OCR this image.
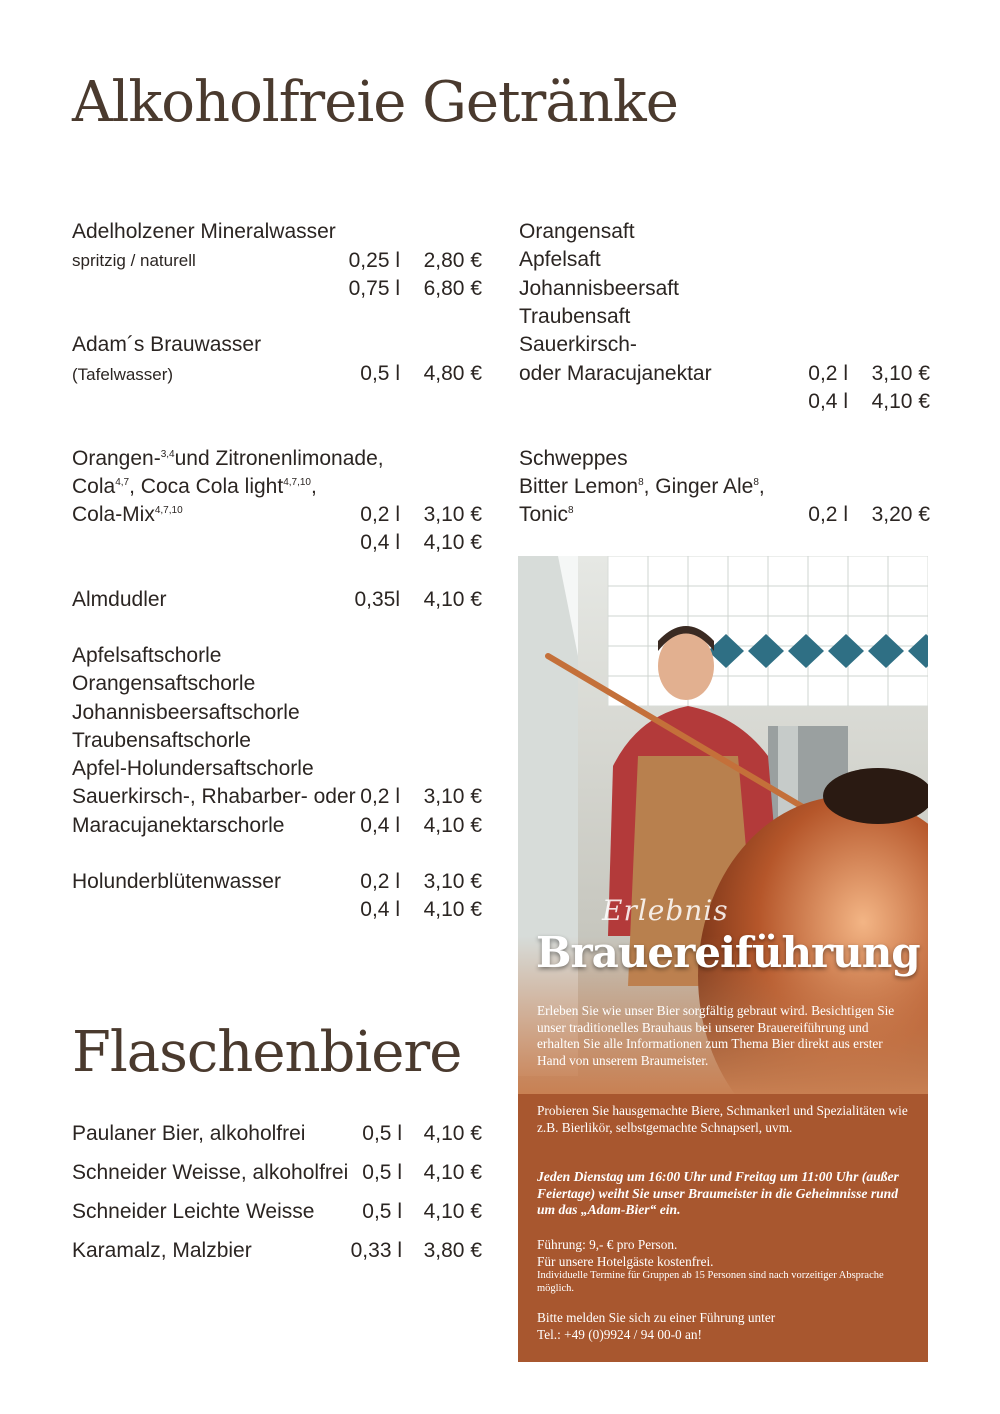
Alkoholfreie Getränke
Flaschenbiere
Adelholzener Mineralwasser
spritzig / naturell	0,25 l	2,80 €
0,75 l	6,80 €
Adam´s Brauwasser
(Tafelwasser)	0,5 l	4,80 €
Orangen-$^{3,4}$und Zitronenlimonade,
Cola$^{4,7}$, Coca Cola light$^{4,7,10}$,
Cola-Mix$^{4,7,10}$	0,2 l	3,10 €
0,4 l	4,10 €
Almdudler	0,35l	4,10 €
Apfelsaftschorle
Orangensaftschorle
Johannisbeersaftschorle
Traubensaftschorle
Apfel-Holundersaftschorle
Sauerkirsch-, Rhabarber- oder
Maracujanektarschorle
0,2 l	3,10 €
0,4 l	4,10 €
Holunderblütenwasser	0,2 l	3,10 €
0,4 l	4,10 €
Orangensaft
Apfelsaft
Johannisbeersaft
Traubensaft
Sauerkirsch-
oder Maracujanektar	0,2 l	3,10 €
0,4 l	4,10 €
Schweppes
Bitter Lemon$^8$, Ginger Ale$^8$,
Tonic$^8$	0,2 l	3,20 €
Paulaner Bier, alkoholfrei	0,5 l	4,10 €
Schneider Weisse, alkoholfrei 0,5 l	4,10 €
Schneider Leichte Weisse	0,5 l	4,10 €
Karamalz, Malzbier	0,33 l	3,80 €
Erlebnis
Brauereiführung
Erleben Sie wie unser Bier sorgfältig gebraut wird. Besichtigen Sie unser traditionelles Brauhaus bei unserer Brauereiführung und erhalten Sie alle Informationen zum Thema Bier direkt aus erster Hand von unserem Braumeister.
Probieren Sie hausgemachte Biere, Schmankerl und Spezialitäten wie z.B. Bierlikör, selbstgemachte Schnapserl, uvm.
Jeden Dienstag um 16:00 Uhr und Freitag um 11:00 Uhr (außer Feiertage) weiht Sie unser Braumeister in die Geheimnisse rund um das „Adam-Bier“ ein.
Führung: 9,- € pro Person.
Für unsere Hotelgäste kostenfrei.
Individuelle Termine für Gruppen ab 15 Personen sind nach vorzeitiger Absprache möglich.
Bitte melden Sie sich zu einer Führung unter
Tel.: +49 (0)9924 / 94 00-0 an!
